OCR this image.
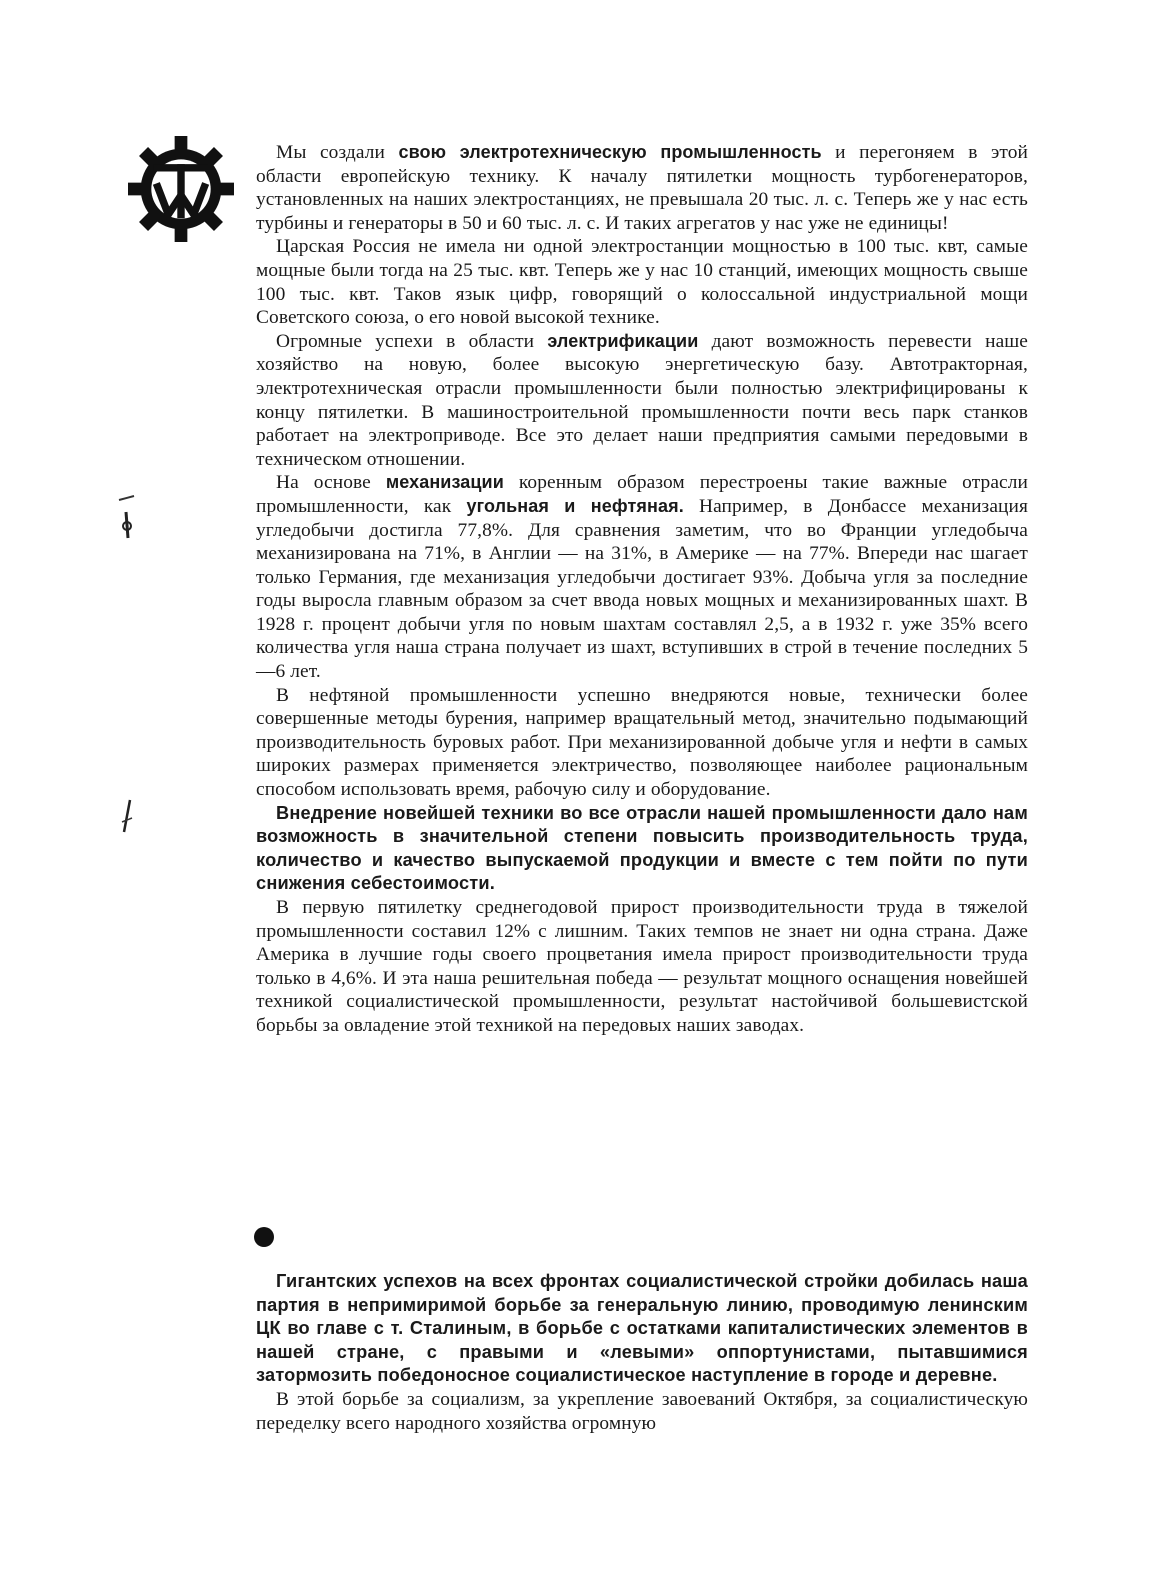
Мы создали свою электротехническую промышленность и перегоняем в этой области европейскую технику. К началу пятилетки мощность турбогенераторов, установленных на наших электростанциях, не превышала 20 тыс. л. с. Теперь же у нас есть турбины и генераторы в 50 и 60 тыс. л. с. И таких агрегатов у нас уже не единицы!

Царская Россия не имела ни одной электростанции мощностью в 100 тыс. квт, самые мощные были тогда на 25 тыс. квт. Теперь же у нас 10 станций, имеющих мощность свыше 100 тыс. квт. Таков язык цифр, говорящий о колоссальной индустриальной мощи Советского союза, о его новой высокой технике.

Огромные успехи в области электрификации дают возможность перевести наше хозяйство на новую, более высокую энергетическую базу. Автотракторная, электротехническая отрасли промышленности были полностью электрифицированы к концу пятилетки. В машиностроительной промышленности почти весь парк станков работает на электроприводе. Все это делает наши предприятия самыми передовыми в техническом отношении.

На основе механизации коренным образом перестроены такие важные отрасли промышленности, как угольная и нефтяная. Например, в Донбассе механизация угледобычи достигла 77,8%. Для сравнения заметим, что во Франции угледобыча механизирована на 71%, в Англии — на 31%, в Америке — на 77%. Впереди нас шагает только Германия, где механизация угледобычи достигает 93%. Добыча угля за последние годы выросла главным образом за счет ввода новых мощных и механизированных шахт. В 1928 г. процент добычи угля по новым шахтам составлял 2,5, а в 1932 г. уже 35% всего количества угля наша страна получает из шахт, вступивших в строй в течение последних 5—6 лет.

В нефтяной промышленности успешно внедряются новые, технически более совершенные методы бурения, например вращательный метод, значительно подымающий производительность буровых работ. При механизированной добыче угля и нефти в самых широких размерах применяется электричество, позволяющее наиболее рациональным способом использовать время, рабочую силу и оборудование.

Внедрение новейшей техники во все отрасли нашей промышленности дало нам возможность в значительной степени повысить производительность труда, количество и качество выпускаемой продукции и вместе с тем пойти по пути снижения себестоимости.

В первую пятилетку среднегодовой прирост производительности труда в тяжелой промышленности составил 12% с лишним. Таких темпов не знает ни одна страна. Даже Америка в лучшие годы своего процветания имела прирост производительности труда только в 4,6%. И эта наша решительная победа — результат мощного оснащения новейшей техникой социалистической промышленности, результат настойчивой большевистской борьбы за овладение этой техникой на передовых наших заводах.

Гигантских успехов на всех фронтах социалистической стройки добилась наша партия в непримиримой борьбе за генеральную линию, проводимую ленинским ЦК во главе с т. Сталиным, в борьбе с остатками капиталистических элементов в нашей стране, с правыми и «левыми» оппортунистами, пытавшимися затормозить победоносное социалистическое наступление в городе и деревне.

В этой борьбе за социализм, за укрепление завоеваний Октября, за социалистическую переделку всего народного хозяйства огромную
